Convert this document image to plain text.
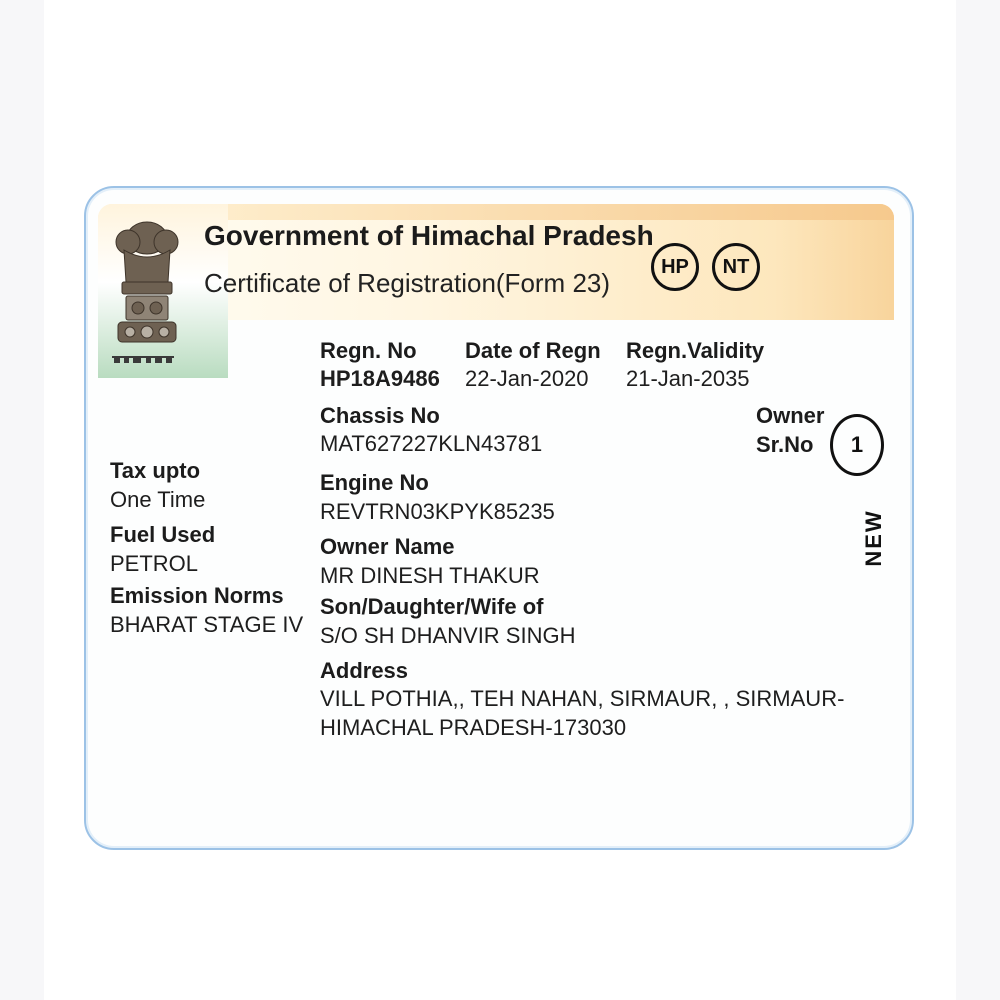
Government of Himachal Pradesh
Certificate of Registration(Form 23)
HP	NT
Regn. No
HP18A9486
Date of Regn
22-Jan-2020
Regn.Validity
21-Jan-2035
Chassis No
MAT627227KLN43781
Engine No
REVTRN03KPYK85235
Owner
Sr.No	1
NEW
Owner Name
MR DINESH THAKUR
Son/Daughter/Wife of
S/O SH DHANVIR SINGH
Address
VILL POTHIA,, TEH NAHAN, SIRMAUR, , SIRMAUR-
HIMACHAL PRADESH-173030
Tax upto
One Time
Fuel Used
PETROL
Emission Norms
BHARAT STAGE IV
